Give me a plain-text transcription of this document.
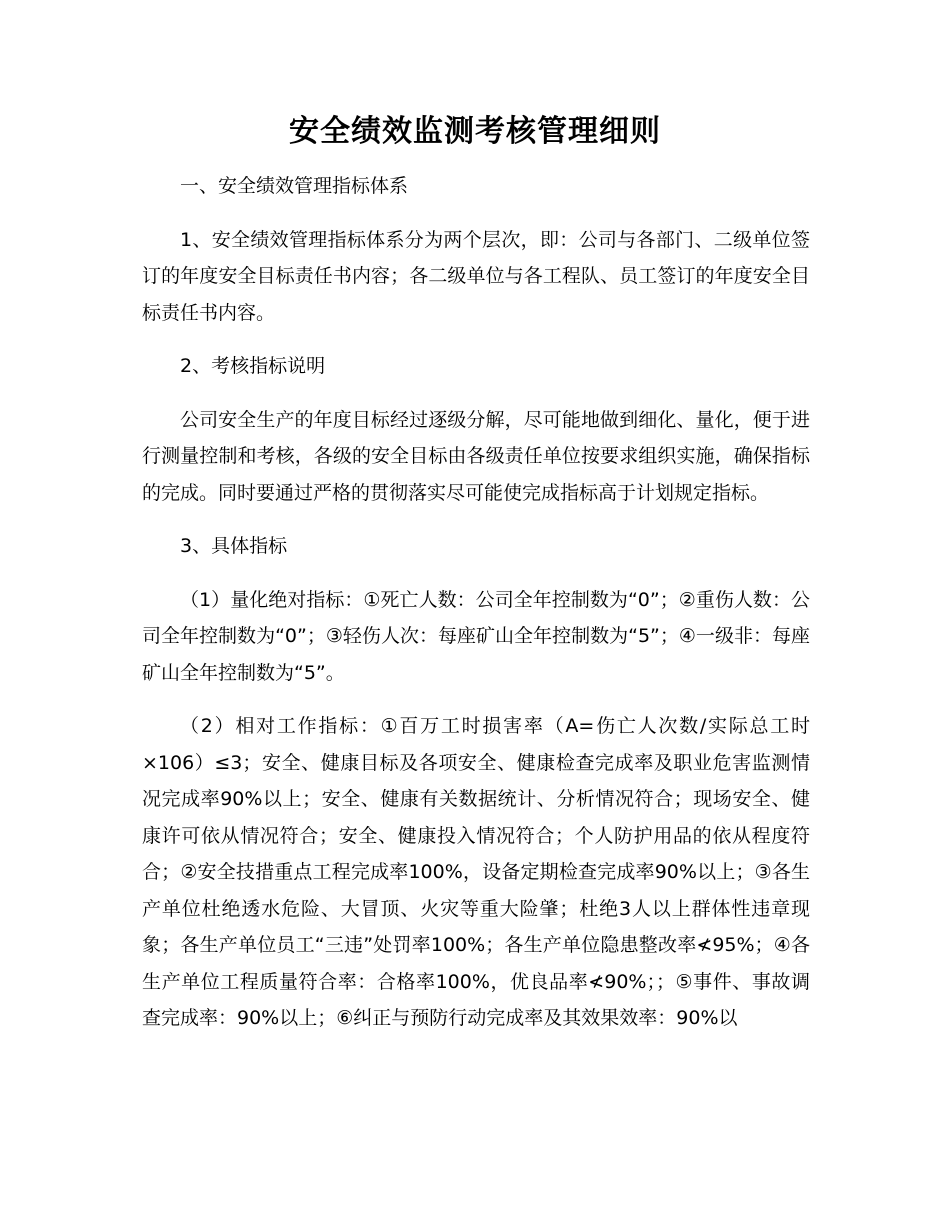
安全绩效监测考核管理细则

一、安全绩效管理指标体系

1、安全绩效管理指标体系分为两个层次，即：公司与各部门、二级单位签订的年度安全目标责任书内容；各二级单位与各工程队、员工签订的年度安全目标责任书内容。

2、考核指标说明

公司安全生产的年度目标经过逐级分解，尽可能地做到细化、量化，便于进行测量控制和考核，各级的安全目标由各级责任单位按要求组织实施，确保指标的完成。同时要通过严格的贯彻落实尽可能使完成指标高于计划规定指标。

3、具体指标

（1）量化绝对指标：①死亡人数：公司全年控制数为“0”；②重伤人数：公司全年控制数为“0”；③轻伤人次：每座矿山全年控制数为“5”；④一级非：每座矿山全年控制数为“5”。

（2）相对工作指标：①百万工时损害率（A=伤亡人次数/实际总工时×106）≤3；安全、健康目标及各项安全、健康检查完成率及职业危害监测情况完成率90%以上；安全、健康有关数据统计、分析情况符合；现场安全、健康许可依从情况符合；安全、健康投入情况符合；个人防护用品的依从程度符合；②安全技措重点工程完成率100%，设备定期检查完成率90%以上；③各生产单位杜绝透水危险、大冒顶、火灾等重大险肇；杜绝3人以上群体性违章现象；各生产单位员工“三违”处罚率100%；各生产单位隐患整改率≮95%；④各生产单位工程质量符合率：合格率100%，优良品率≮90%；；⑤事件、事故调查完成率：90%以上；⑥纠正与预防行动完成率及其效果效率：90%以
